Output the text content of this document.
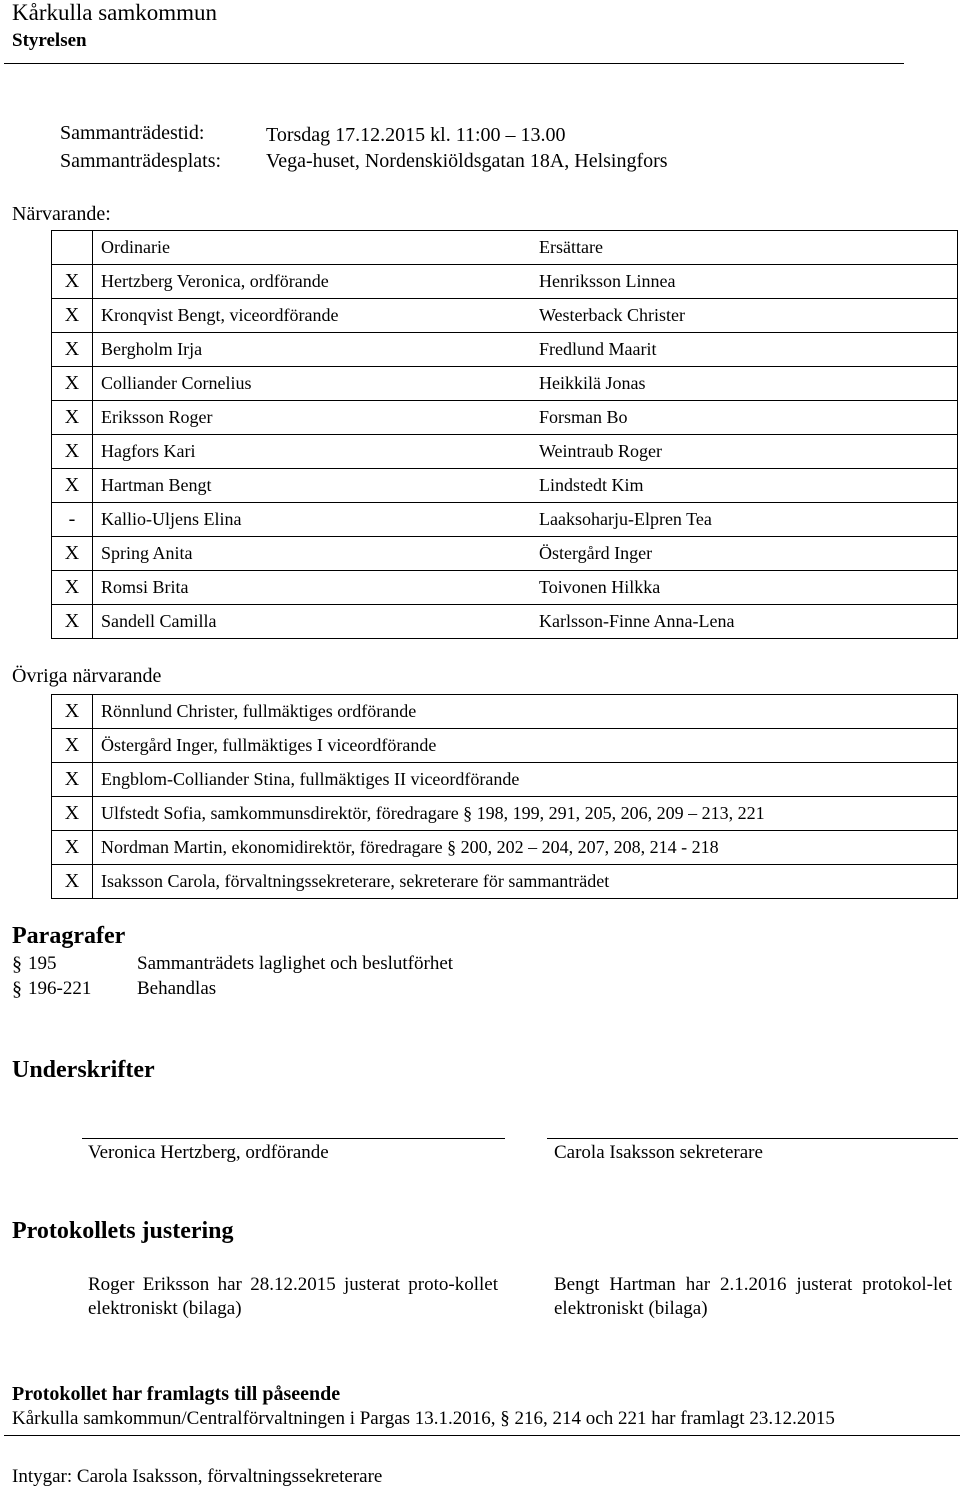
Kårkulla samkommun
Styrelsen
Sammanträdestid:	Torsdag 17.12.2015 kl. 11:00 – 13.00
Sammanträdesplats: Vega-huset, Nordenskiöldsgatan 18A, Helsingfors
Närvarande:
	Ordinarie	Ersättare
X	Hertzberg Veronica, ordförande	Henriksson Linnea
X	Kronqvist Bengt, viceordförande	Westerback Christer
X	Bergholm Irja	Fredlund Maarit
X	Colliander Cornelius	Heikkilä Jonas
X	Eriksson Roger	Forsman Bo
X	Hagfors Kari	Weintraub Roger
X	Hartman Bengt	Lindstedt Kim
-	Kallio-Uljens Elina	Laaksoharju-Elpren Tea
X	Spring Anita	Östergård Inger
X	Romsi Brita	Toivonen Hilkka
X	Sandell Camilla	Karlsson-Finne Anna-Lena
Övriga närvarande
X	Rönnlund Christer, fullmäktiges ordförande
X	Östergård Inger, fullmäktiges I viceordförande
X	Engblom-Colliander Stina, fullmäktiges II viceordförande
X	Ulfstedt Sofia, samkommunsdirektör, föredragare § 198, 199, 291, 205, 206, 209 – 213, 221
X	Nordman Martin, ekonomidirektör, föredragare § 200, 202 – 204, 207, 208, 214 - 218
X	Isaksson Carola, förvaltningssekreterare, sekreterare för sammanträdet
Paragrafer
§ 195	Sammanträdets laglighet och beslutförhet
§ 196-221 Behandlas
Underskrifter
Veronica Hertzberg, ordförande	Carola Isaksson sekreterare
Protokollets justering
Roger Eriksson har 28.12.2015 justerat proto-kollet elektroniskt (bilaga)
Bengt Hartman har 2.1.2016 justerat protokol-let elektroniskt (bilaga)
Protokollet har framlagts till påseende
Kårkulla samkommun/Centralförvaltningen i Pargas 13.1.2016, § 216, 214 och 221 har framlagt 23.12.2015
Intygar: Carola Isaksson, förvaltningssekreterare
